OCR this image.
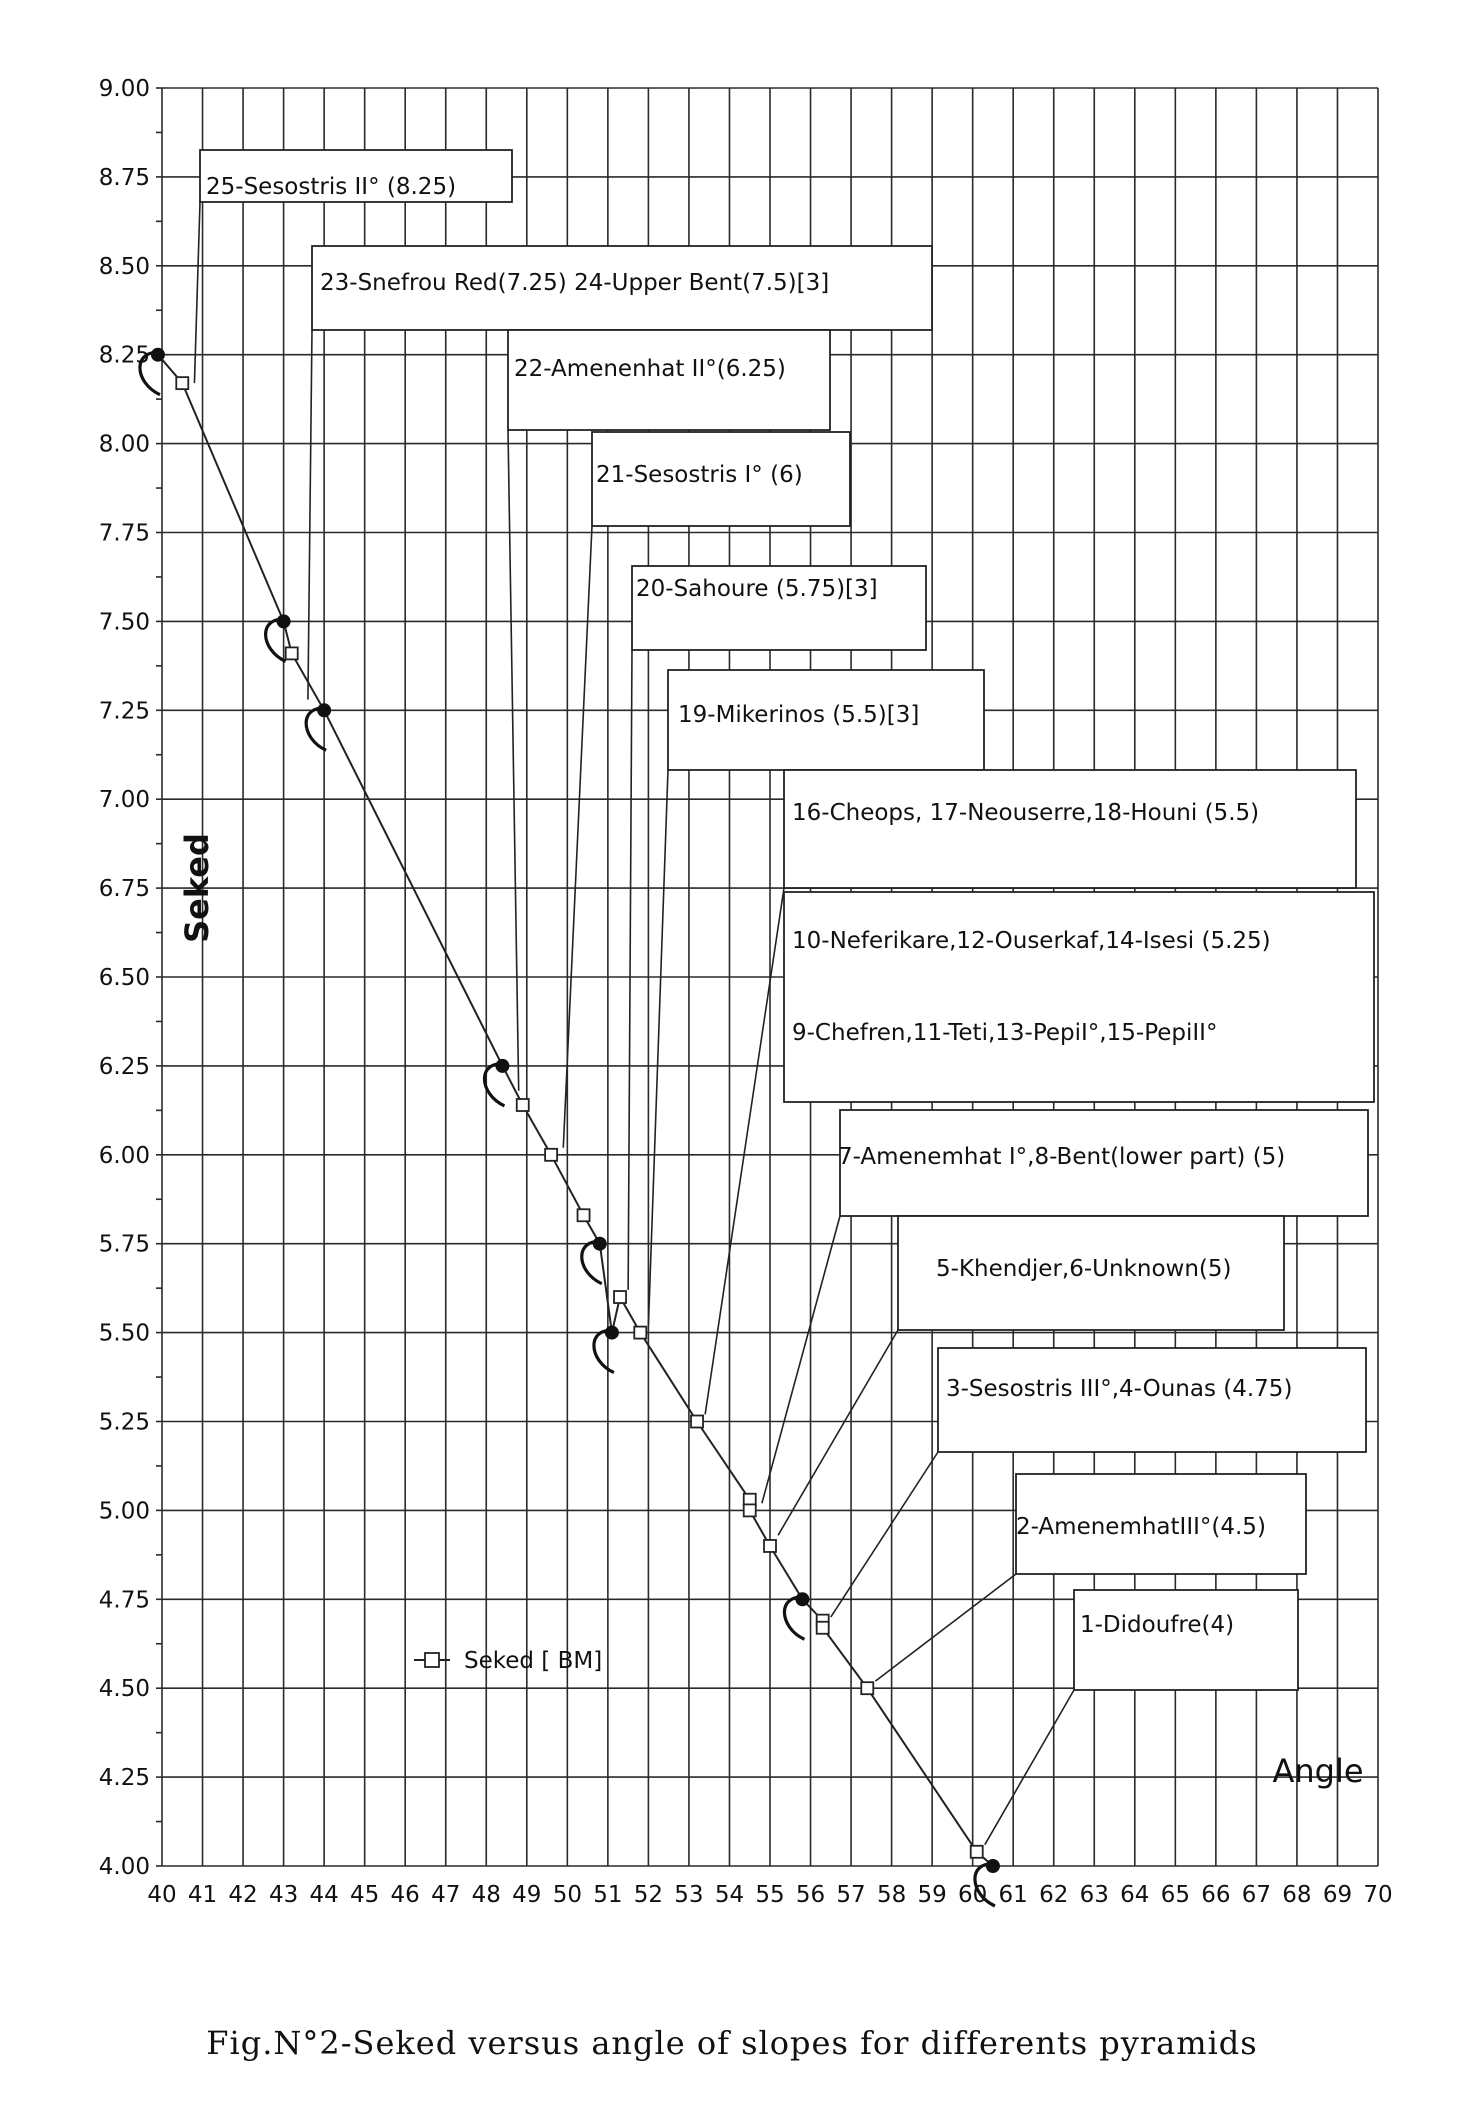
25-Sesostris II° (8.25)
23-Snefrou Red(7.25) 24-Upper Bent(7.5)[3]
22-Amenenhat II°(6.25)
21-Sesostris I° (6)
20-Sahoure (5.75)[3]
19-Mikerinos (5.5)[3]
16-Cheops, 17-Neouserre,18-Houni (5.5)
10-Neferikare,12-Ouserkaf,14-Isesi (5.25)
9-Chefren,11-Teti,13-PepiI°,15-PepiII°
7-Amenemhat I°,8-Bent(lower part) (5)
5-Khendjer,6-Unknown(5)
3-Sesostris III°,4-Ounas (4.75)
2-AmenemhatIII°(4.5)
1-Didoufre(4)
40 41 42 43 44 45 46 47 48 49 50 51 52 53 54 55 56 57 58 59 60 61 62 63 64 65 66 67 68 69 70
4.00
4.25
4.50
4.75
5.00
5.25
5.50
5.75
6.00
6.25
6.50
6.75
7.00
7.25
7.50
7.75
8.00
8.25
8.50
8.75
9.00
Seked [ BM]
Seked
Angle
Fig.N°2-Seked versus angle of slopes for differents pyramids
